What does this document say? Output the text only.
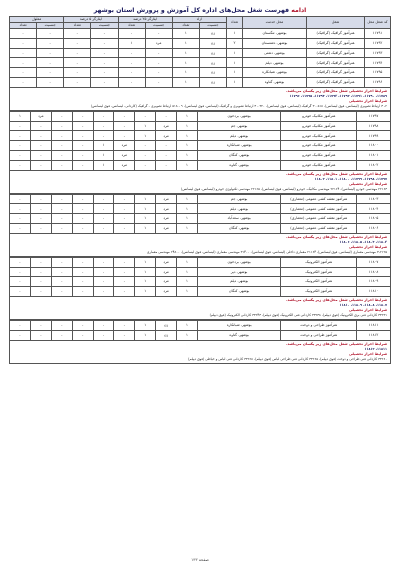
ادامه فهرست شغل محل‌های اداره کل آموزش و پرورش استان بوشهر
کد شغل محل	شغل	محل خدمت	تعداد	آزاد		ایثارگر ۲۵ درصد		ایثارگر ۵ درصد		معلول	
				جنسیت	تعداد	جنسیت	تعداد	جنسیت	تعداد	جنسیت	تعداد
۱۱۷۹۱	هنرآموز گرافیک (گرافیک)	بوشهر- تنگستان	۱	زن	۱	-	-	-	-	-	-
۱۱۷۹۲	هنرآموز گرافیک (گرافیک)	بوشهر- دشتستان	۲	زن	۱	مرد	۱	-	-	-	-
۱۱۷۹۳	هنرآموز گرافیک (گرافیک)	بوشهر- دشتی	۱	زن	۱	-	-	-	-	-	-
۱۱۷۹۴	هنرآموز گرافیک (گرافیک)	بوشهر- دیلم	۱	زن	۱	-	-	-	-	-	-
۱۱۷۹۵	هنرآموز گرافیک (گرافیک)	بوشهر- شبانکاره	۱	زن	۱	-	-	-	-	-	-
۱۱۷۹۶	هنرآموز گرافیک (گرافیک)	بوشهر- گناوه	۱	زن	۱	-	-	-	-	-	-
شرایط احراز تحصیلی شغل محل‌های زیر یکسان می‌باشد.
۱۱۷۸۹، ۱۱۷۹۰، ۱۱۷۹۱، ۱۱۷۹۲، ۱۱۷۹۳، ۱۱۷۹۴، ۱۱۷۹۵، ۱۱۷۹۶
شرایط احراز تحصیلی
۲- ۳ ارتباط تصویری (لیسانس، فوق لیسانس)، ۵۱۸ - ۳ گرافیک (لیسانس، فوق لیسانس)، ۳۲۰ - ۳ ارتباط تصویری و گرافیک (لیسانس، فوق لیسانس)، ۹ - ۵۱۸ ارتباط تصویری - گرافیک (کاردانی، لیسانس، فوق لیسانس)
۱۱۷۹۷	هنرآموز مکانیک خودرو	بوشهر- بردخون	۱	-	-	-	-	-	-	مرد	۱
۱۱۷۹۸	هنرآموز مکانیک خودرو	بوشهر- جم	۱	مرد	۱	-	-	-	-	-	-
۱۱۷۹۹	هنرآموز مکانیک خودرو	بوشهر- دیلم	۱	مرد	۱	-	-	-	-	-	-
۱۱۸۰۰	هنرآموز مکانیک خودرو	بوشهر- شبانکاره	۱	-	-	مرد	۱	-	-	-	-
۱۱۸۰۱	هنرآموز مکانیک خودرو	بوشهر- کنگان	۱	-	-	مرد	۱	-	-	-	-
۱۱۸۰۲	هنرآموز مکانیک خودرو	بوشهر- گناوه	۱	-	-	مرد	۱	-	-	-	-
شرایط احراز تحصیلی شغل محل‌های زیر یکسان می‌باشد.
۱۱۷۹۷، ۱۱۷۹۸، ۱۱۷۹۹، ۱۱۸۰۰، ۱۱۸۰۱، ۱۱۸۰۲
شرایط احراز تحصیلی
۲۲۱۶۳ مهندسی خودرو (لیسانس)، ۲۲۱۶۴ مهندسی مکانیک- خودرو (لیسانس، فوق لیسانس)، ۲۲۱۶۵ مهندسی تکنولوژی خودرو (لیسانس، فوق لیسانس)
۱۱۸۰۳	هنرآموز نقشه کشی عمومی (معماری)	بوشهر- جم	۱	مرد	۱	-	-	-	-	-	-
۱۱۸۰۴	هنرآموز نقشه کشی عمومی (معماری)	بوشهر- دیلم	۱	مرد	۱	-	-	-	-	-	-
۱۱۸۰۵	هنرآموز نقشه کشی عمومی (معماری)	بوشهر- سعدآباد	۱	مرد	۱	-	-	-	-	-	-
۱۱۸۰۶	هنرآموز نقشه کشی عمومی (معماری)	بوشهر- کنگان	۱	مرد	۱	-	-	-	-	-	-
شرایط احراز تحصیلی شغل محل‌های زیر یکسان می‌باشد.
۱۱۸۰۳، ۱۱۸۰۴، ۱۱۸۰۵، ۱۱۸۰۶
شرایط احراز تحصیلی
۳-۲۱۲۵ مهندسی معماری (لیسانس، فوق لیسانس)، ۲۱۱۶۴ معماری داخلی (لیسانس، فوق لیسانس)، ۳۱۴۰۰ مهندسی معماری (لیسانس، فوق لیسانس)، ۲۴۸۰۰ مهندسی معماری
۱۱۸۰۷	هنرآموز الکترونیک	بوشهر- بردخون	۱	مرد	۱	-	-	-	-	-	-
۱۱۸۰۸	هنرآموز الکترونیک	بوشهر- دیر	۱	مرد	۱	-	-	-	-	-	-
۱۱۸۰۹	هنرآموز الکترونیک	بوشهر- دیلم	۱	مرد	۱	-	-	-	-	-	-
۱۱۸۱۰	هنرآموز الکترونیک	بوشهر- کنگان	۱	مرد	۱	-	-	-	-	-	-
شرایط احراز تحصیلی شغل محل‌های زیر یکسان می‌باشد.
۱۱۸۰۷، ۱۱۸۰۸، ۱۱۸۰۹، ۱۱۸۱۰
شرایط احراز تحصیلی
۳۳۲۳۱ کاردانی فنی برق الکترونیک (فوق دیپلم)، ۳۳۲۳۸ کاردانی فنی الکترونیک (فوق دیپلم)، ۳۳۲۴۳ کاردانی الکترونیک (فوق دیپلم)
۱۱۸۱۱	هنرآموز طراحی و دوخت	بوشهر- شبانکاره	۱	زن	۱	-	-	-	-	-	-
۱۱۸۱۲	هنرآموز طراحی و دوخت	بوشهر- گناوه	۱	زن	۱	-	-	-	-	-	-
شرایط احراز تحصیلی شغل محل‌های زیر یکسان می‌باشد.
۱۱۸۱۱، ۱۱۸۱۲
شرایط احراز تحصیلی
۳۳۲۶۰ کاردانی فنی طراحی و دوخت (فوق دیپلم)، ۳۳۲۶۵ کاردانی فنی طراحی لباس (فوق دیپلم)، ۳۳۲۶۸ کاردانی فنی لباس و خیاطی (فوق دیپلم)
صفحه ۱۴۳
